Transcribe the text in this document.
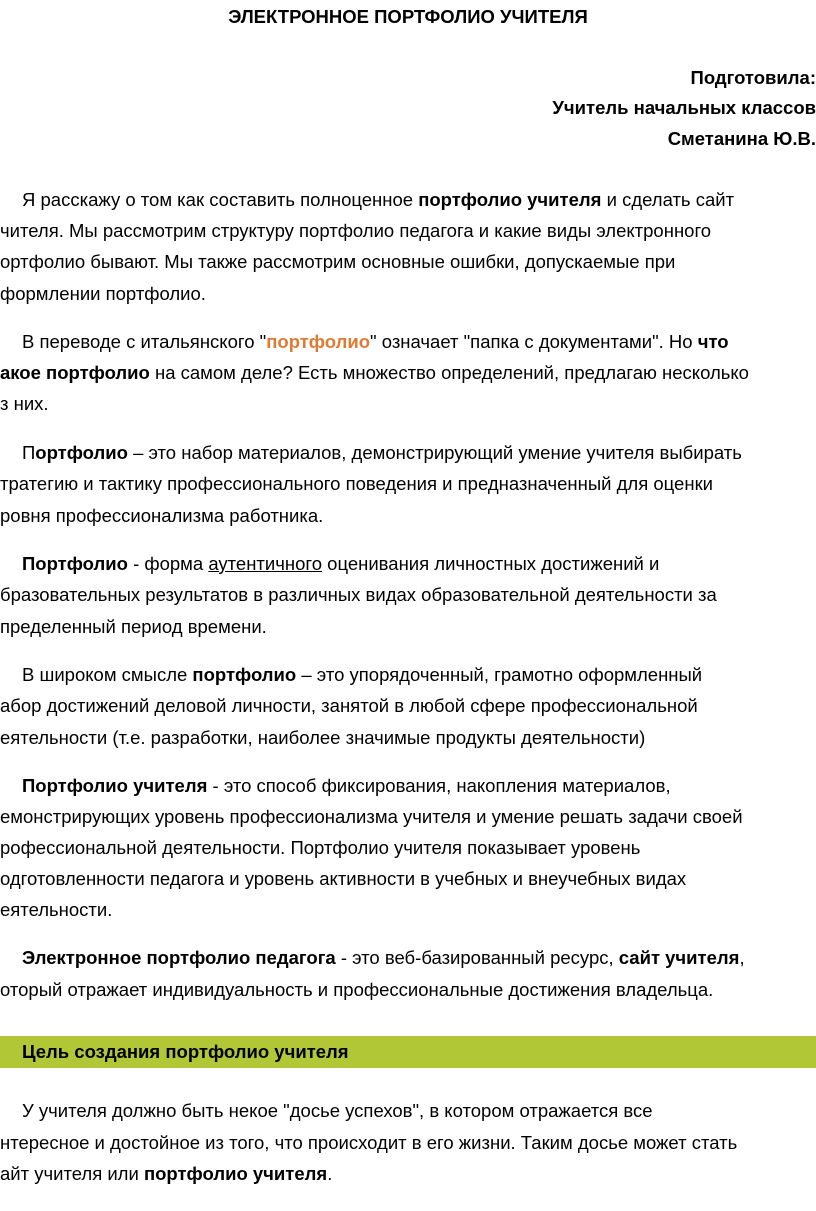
ЭЛЕКТРОННОЕ ПОРТФОЛИО УЧИТЕЛЯ
Подготовила:
Учитель начальных классов
Сметанина Ю.В.
Я расскажу о том как составить полноценное портфолио учителя и сделать сайт
чителя. Мы рассмотрим структуру портфолио педагога и какие виды электронного
ортфолио бывают. Мы также рассмотрим основные ошибки, допускаемые при
формлении портфолио.
В переводе с итальянского "портфолио" означает "папка с документами". Но что
акое портфолио на самом деле? Есть множество определений, предлагаю несколько
з них.
Портфолио – это набор материалов, демонстрирующий умение учителя выбирать
тратегию и тактику профессионального поведения и предназначенный для оценки
ровня профессионализма работника.
Портфолио - форма аутентичного оценивания личностных достижений и
бразовательных результатов в различных видах образовательной деятельности за
пределенный период времени.
В широком смысле портфолио – это упорядоченный, грамотно оформленный
абор достижений деловой личности, занятой в любой сфере профессиональной
еятельности (т.е. разработки, наиболее значимые продукты деятельности)
Портфолио учителя - это способ фиксирования, накопления материалов,
емонстрирующих уровень профессионализма учителя и умение решать задачи своей
рофессиональной деятельности. Портфолио учителя показывает уровень
одготовленности педагога и уровень активности в учебных и внеучебных видах
еятельности.
Электронное портфолио педагога - это веб-базированный ресурс, сайт учителя,
оторый отражает индивидуальность и профессиональные достижения владельца.
Цель создания портфолио учителя
У учителя должно быть некое "досье успехов", в котором отражается все
нтересное и достойное из того, что происходит в его жизни. Таким досье может стать
айт учителя или портфолио учителя.
